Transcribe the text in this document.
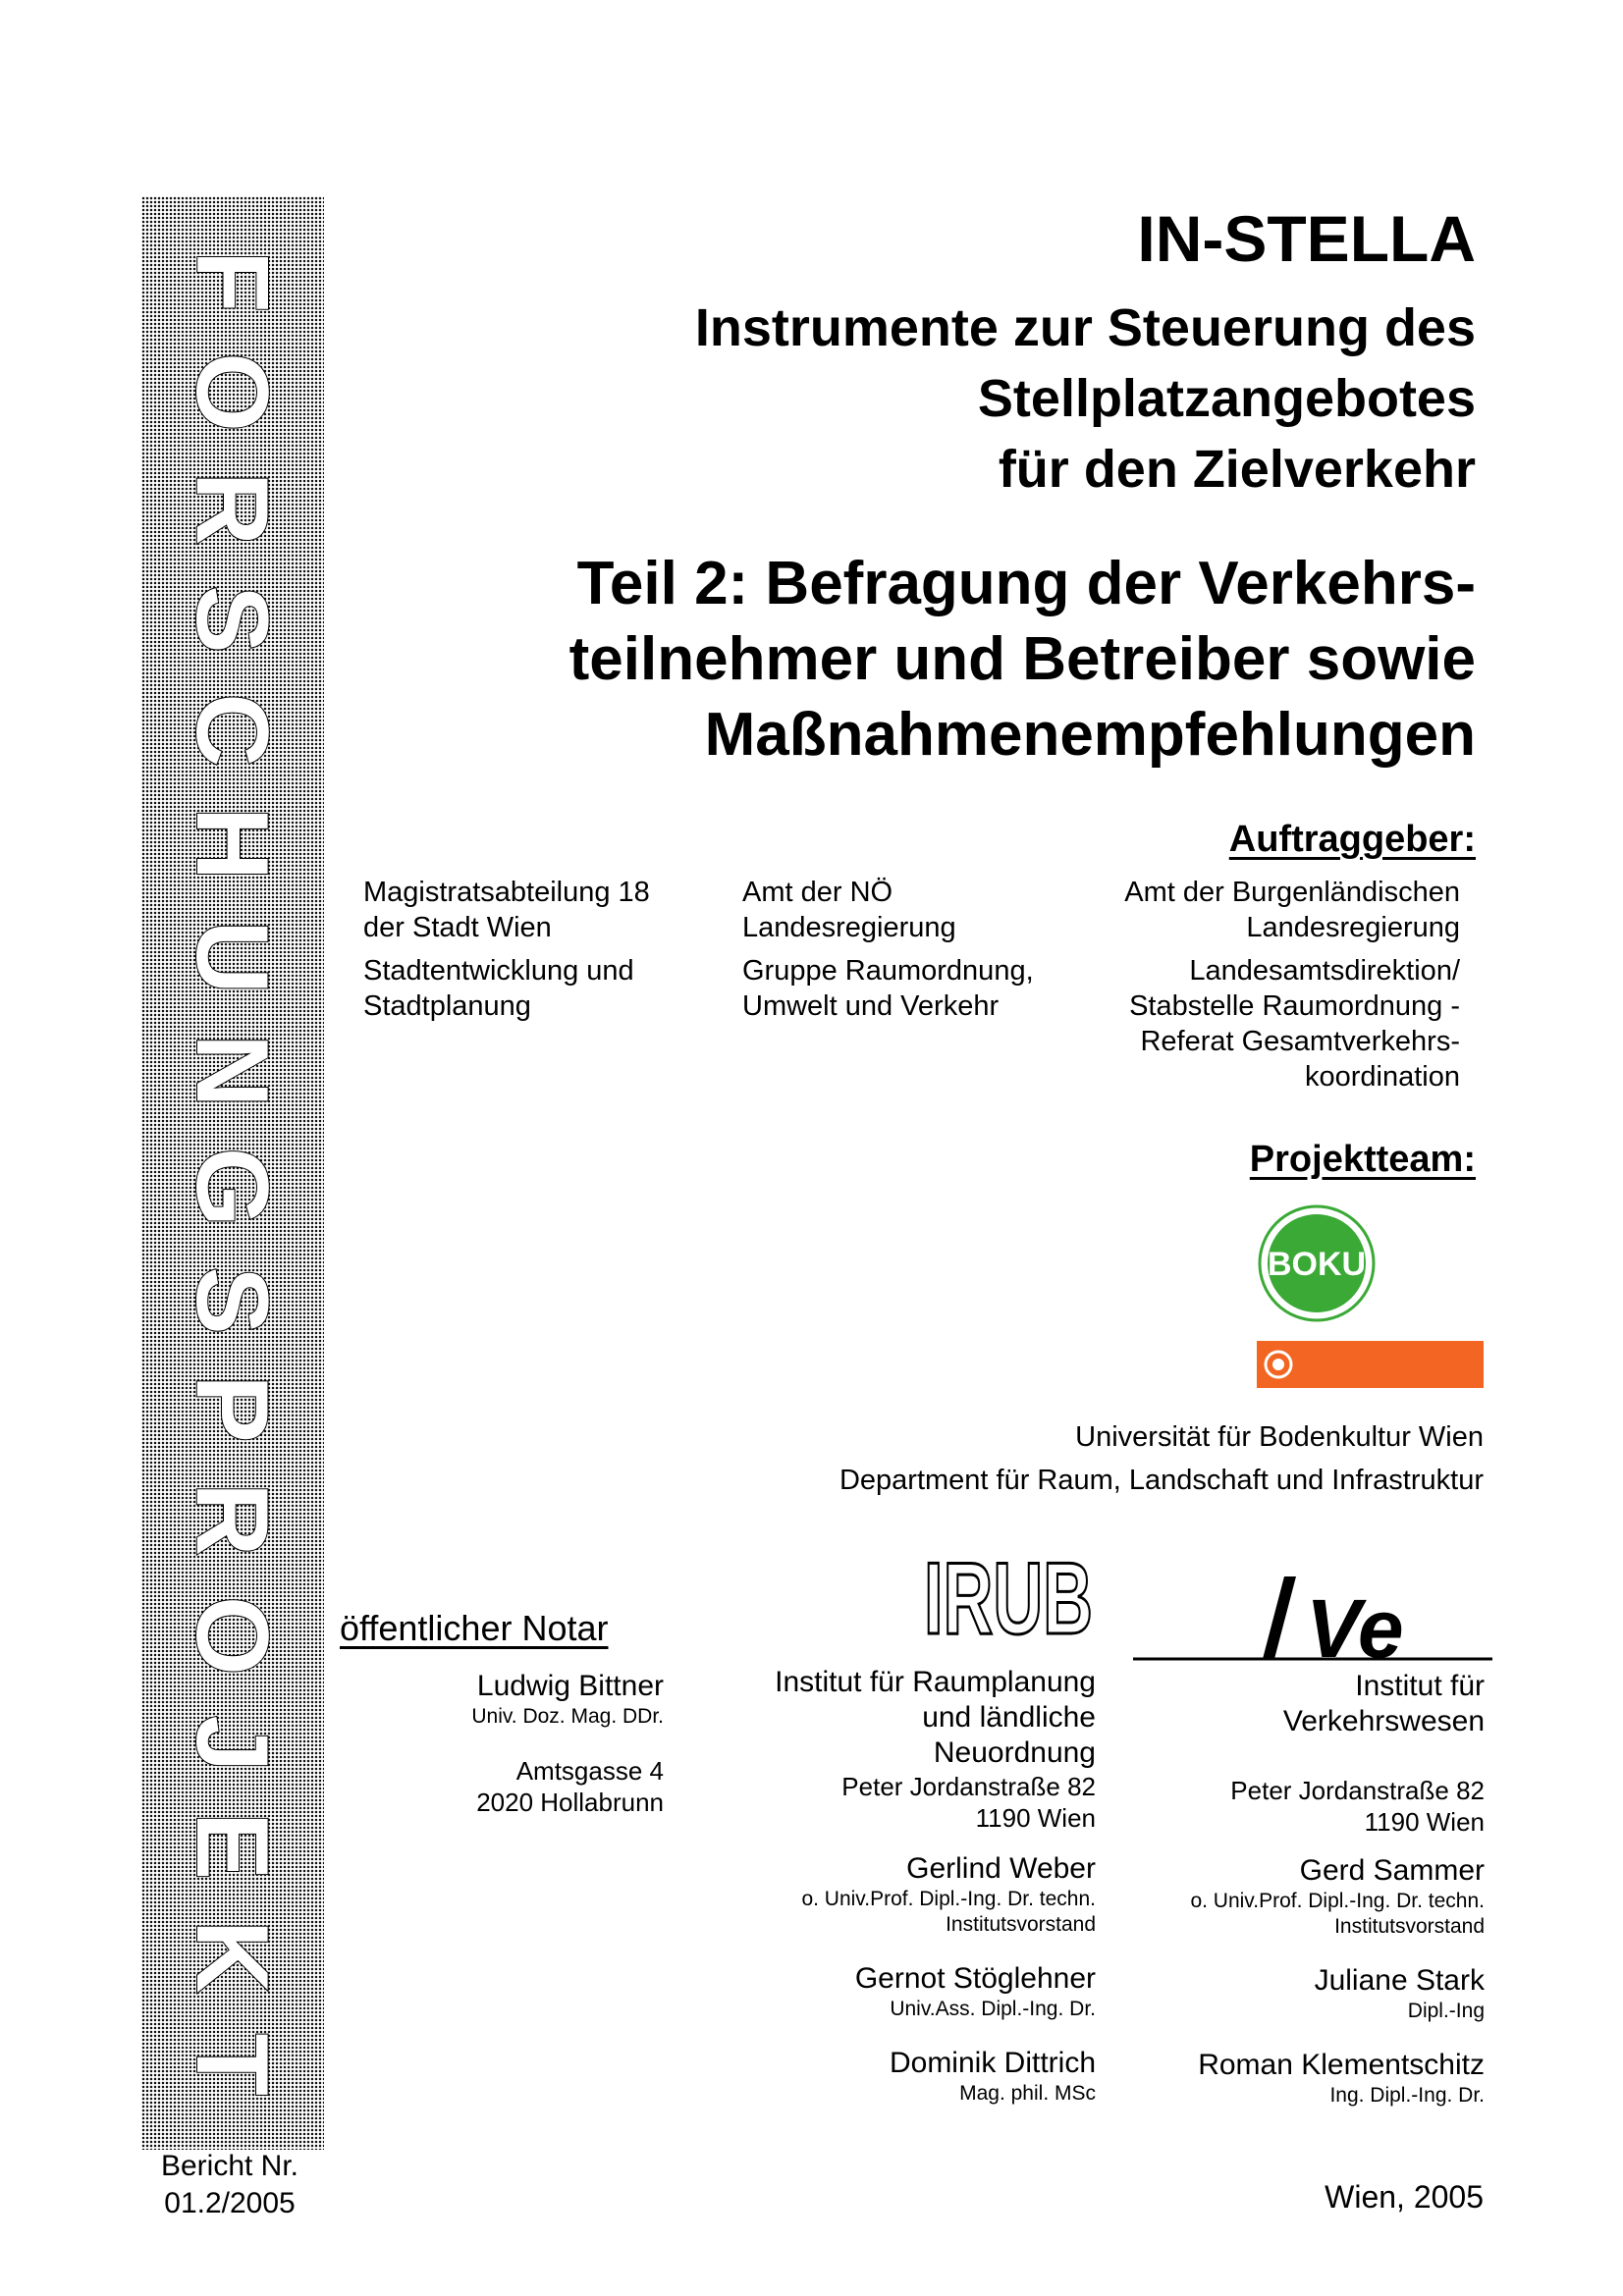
FORSCHUNGSPROJEKT
IN-STELLA
Instrumente zur Steuerung des
Stellplatzangebotes
für den Zielverkehr
Teil 2: Befragung der Verkehrs-
teilnehmer und Betreiber sowie
Maßnahmenempfehlungen
Auftraggeber:
Magistratsabteilung 18
der Stadt Wien
Stadtentwicklung und
Stadtplanung
Amt der NÖ
Landesregierung
Gruppe Raumordnung,
Umwelt und Verkehr
Amt der Burgenländischen
Landesregierung
Landesamtsdirektion/
Stabstelle Raumordnung -
Referat Gesamtverkehrs-
koordination
Projektteam:
BOKU
Universität für Bodenkultur Wien
Department für Raum, Landschaft und Infrastruktur
öffentlicher Notar
Ludwig Bittner
Univ. Doz. Mag. DDr.
Amtsgasse 4
2020 Hollabrunn
IRUB
Institut für Raumplanung
und ländliche
Neuordnung
Peter Jordanstraße 82
1190 Wien
Gerlind Weber
o. Univ.Prof. Dipl.-Ing. Dr. techn.
Institutsvorstand
Gernot Stöglehner
Univ.Ass. Dipl.-Ing. Dr.
Dominik Dittrich
Mag. phil. MSc
Ve
Institut für
Verkehrswesen
Peter Jordanstraße 82
1190 Wien
Gerd Sammer
o. Univ.Prof. Dipl.-Ing. Dr. techn.
Institutsvorstand
Juliane Stark
Dipl.-Ing
Roman Klementschitz
Ing. Dipl.-Ing. Dr.
Bericht Nr.
01.2/2005	Wien, 2005
